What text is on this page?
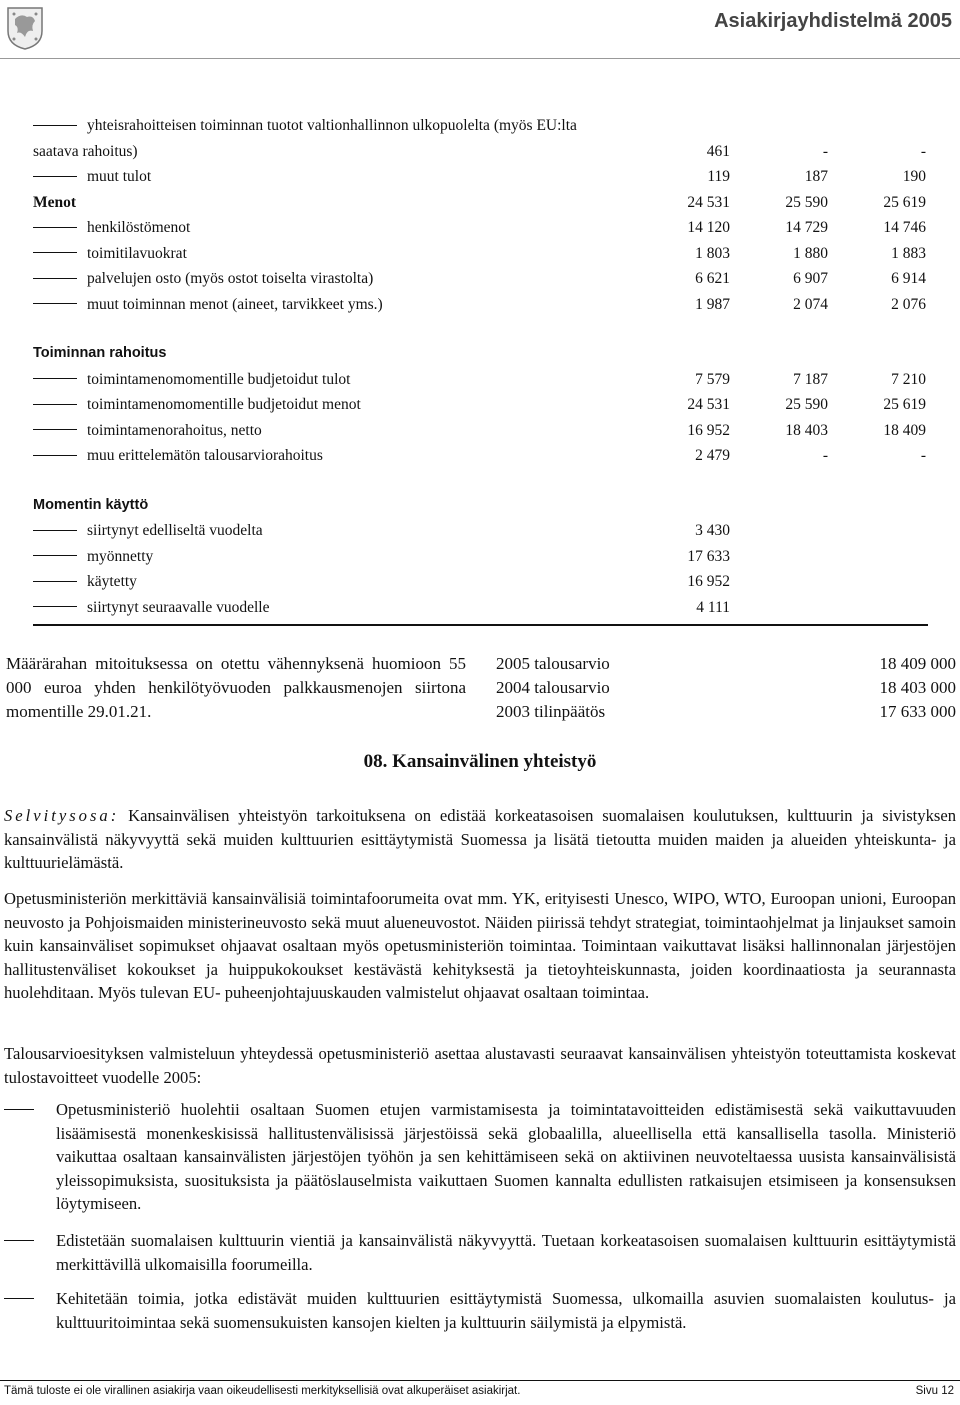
Asiakirjayhdistelmä 2005
yhteisrahoitteisen toiminnan tuotot valtionhallinnon ulkopuolelta (myös EU:lta
saatava rahoitus)	461	-	-
muut tulot	119	187	190
Menot	24 531	25 590	25 619
henkilöstömenot	14 120	14 729	14 746
toimitilavuokrat	1 803	1 880	1 883
palvelujen osto (myös ostot toiselta virastolta)	6 621	6 907	6 914
muut toiminnan menot (aineet, tarvikkeet yms.)	1 987	2 074	2 076
Toiminnan rahoitus
toimintamenomomentille budjetoidut tulot	7 579	7 187	7 210
toimintamenomomentille budjetoidut menot	24 531	25 590	25 619
toimintamenorahoitus, netto	16 952	18 403	18 409
muu erittelemätön talousarviorahoitus	2 479	-	-
Momentin käyttö
siirtynyt edelliseltä vuodelta	3 430
myönnetty	17 633
käytetty	16 952
siirtynyt seuraavalle vuodelle	4 111
Määrärahan mitoituksessa on otettu vähennyksenä huomioon 55 000 euroa yhden henkilötyövuoden palkkausmenojen siirtona momentille 29.01.21.
2005 talousarvio	18 409 000
2004 talousarvio	18 403 000
2003 tilinpäätös	17 633 000
08. Kansainvälinen yhteistyö
Selvitysosa: Kansainvälisen yhteistyön tarkoituksena on edistää korkeatasoisen suomalaisen koulutuksen, kulttuurin ja sivistyksen kansainvälistä näkyvyyttä sekä muiden kulttuurien esittäytymistä Suomessa ja lisätä tietoutta muiden maiden ja alueiden yhteiskunta- ja kulttuurielämästä.
Opetusministeriön merkittäviä kansainvälisiä toimintafoorumeita ovat mm. YK, erityisesti Unesco, WIPO, WTO, Euroopan unioni, Euroopan neuvosto ja Pohjoismaiden ministerineuvosto sekä muut alueneuvostot. Näiden piirissä tehdyt strategiat, toimintaohjelmat ja linjaukset samoin kuin kansainväliset sopimukset ohjaavat osaltaan myös opetusministeriön toimintaa. Toimintaan vaikuttavat lisäksi hallinnonalan järjestöjen hallitustenväliset kokoukset ja huippukokoukset kestävästä kehityksestä ja tietoyhteiskunnasta, joiden koordinaatiosta ja seurannasta huolehditaan. Myös tulevan EU- puheenjohtajuuskauden valmistelut ohjaavat osaltaan toimintaa.
Talousarvioesityksen valmisteluun yhteydessä opetusministeriö asettaa alustavasti seuraavat kansainvälisen yhteistyön toteuttamista koskevat tulostavoitteet vuodelle 2005:
Opetusministeriö huolehtii osaltaan Suomen etujen varmistamisesta ja toimintatavoitteiden edistämisestä sekä vaikuttavuuden lisäämisestä monenkeskisissä hallitustenvälisissä järjestöissä sekä globaalilla, alueellisella että kansallisella tasolla. Ministeriö vaikuttaa osaltaan kansainvälisten järjestöjen työhön ja sen kehittämiseen sekä on aktiivinen neuvoteltaessa uusista kansainvälisistä yleissopimuksista, suosituksista ja päätöslauselmista vaikuttaen Suomen kannalta edullisten ratkaisujen etsimiseen ja konsensuksen löytymiseen.
Edistetään suomalaisen kulttuurin vientiä ja kansainvälistä näkyvyyttä. Tuetaan korkeatasoisen suomalaisen kulttuurin esittäytymistä merkittävillä ulkomaisilla foorumeilla.
Kehitetään toimia, jotka edistävät muiden kulttuurien esittäytymistä Suomessa, ulkomailla asuvien suomalaisten koulutus- ja kulttuuritoimintaa sekä suomensukuisten kansojen kielten ja kulttuurin säilymistä ja elpymistä.
Tämä tuloste ei ole virallinen asiakirja vaan oikeudellisesti merkityksellisiä ovat alkuperäiset asiakirjat.	Sivu 12
